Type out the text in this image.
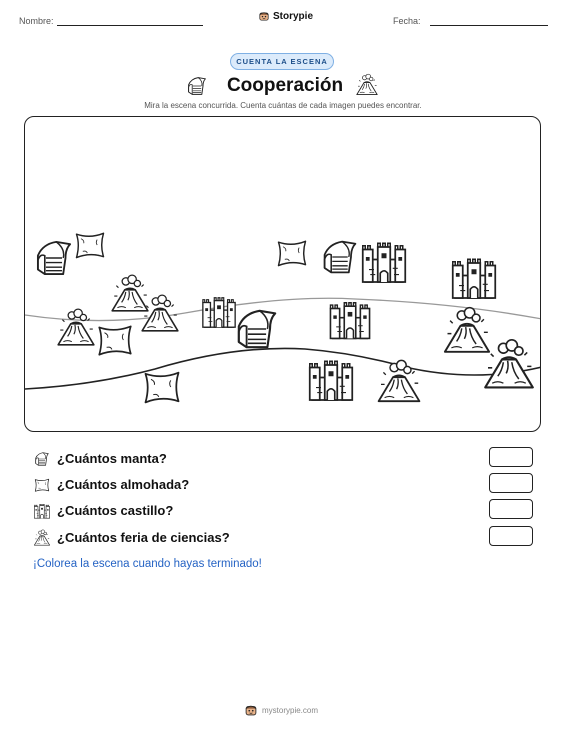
Nombre:	Storypie	Fecha:
CUENTA LA ESCENA
Cooperación
Mira la escena concurrida. Cuenta cuántas de cada imagen puedes encontrar.
¿Cuántos manta?
¿Cuántos almohada?
¿Cuántos castillo?
¿Cuántos feria de ciencias?
¡Colorea la escena cuando hayas terminado!
mystorypie.com
